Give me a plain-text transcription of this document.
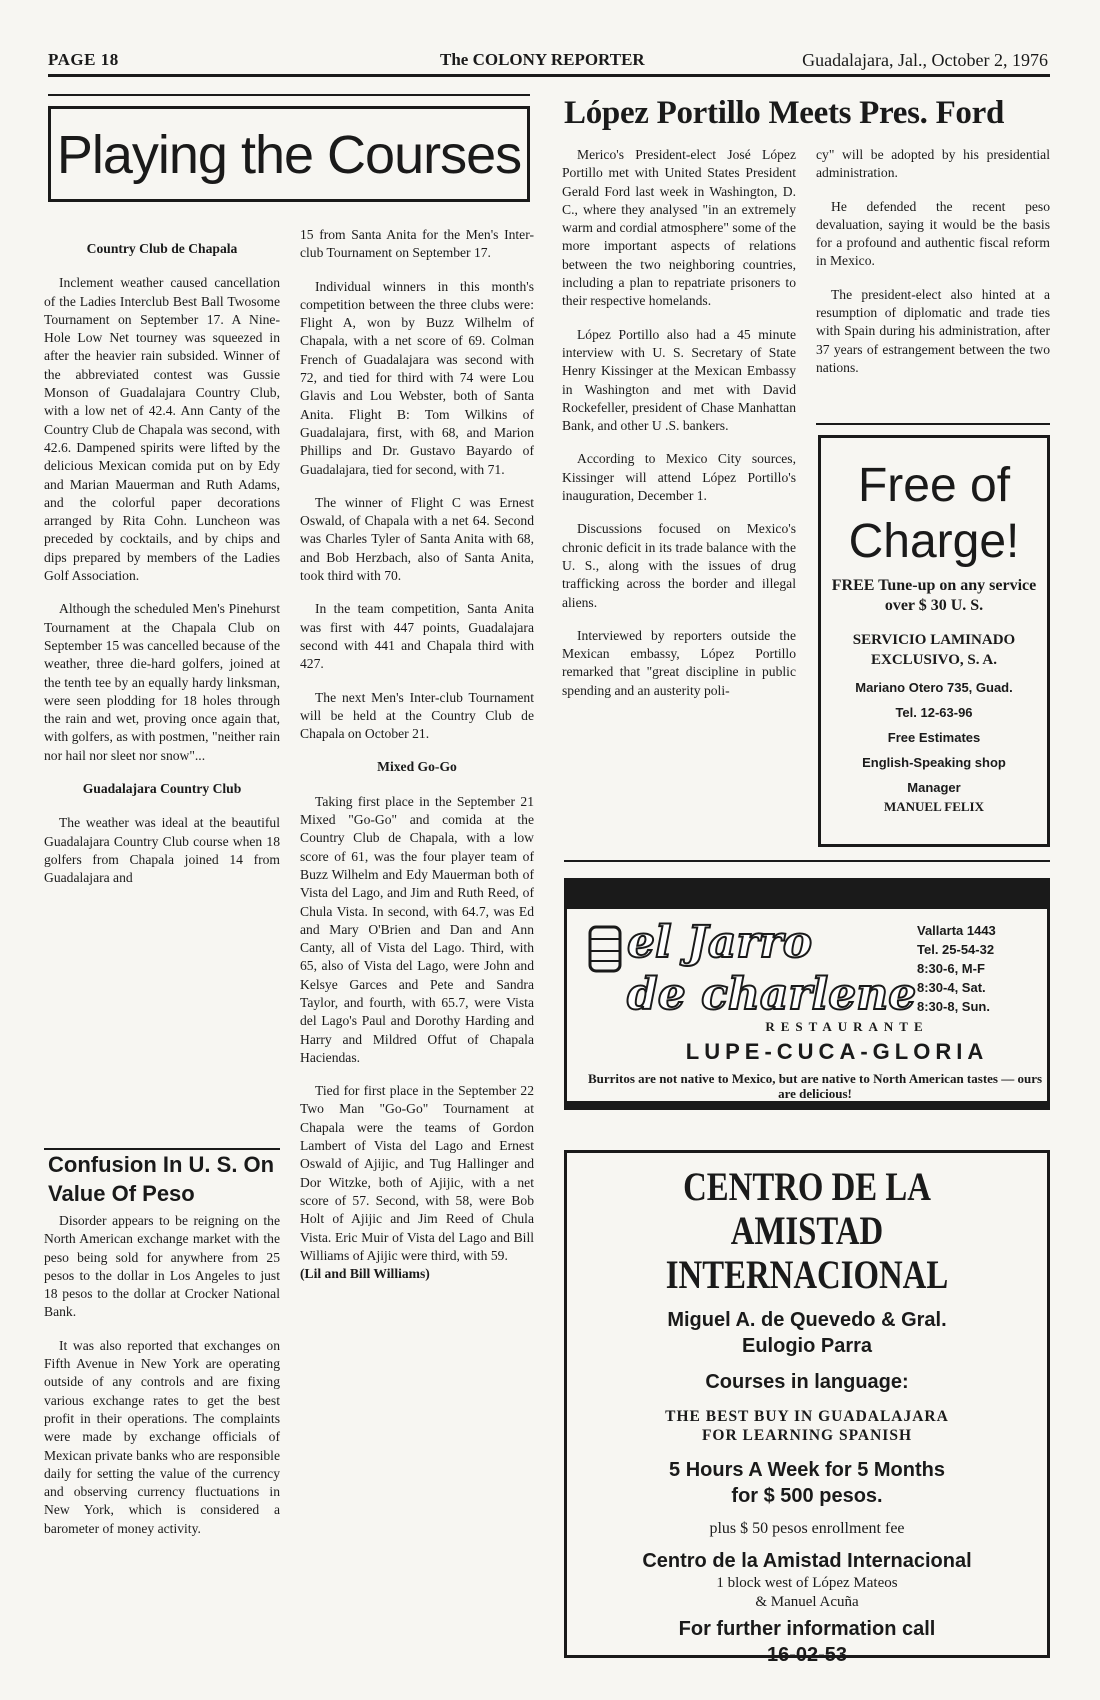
PAGE 18	The COLONY REPORTER	Guadalajara, Jal., October 2, 1976
Playing the Courses
Country Club de Chapala

Inclement weather caused cancellation of the Ladies Interclub Best Ball Twosome Tournament on September 17. A Nine-Hole Low Net tourney was squeezed in after the heavier rain subsided. Winner of the abbreviated contest was Gussie Monson of Guadalajara Country Club, with a low net of 42.4. Ann Canty of the Country Club de Chapala was second, with 42.6. Dampened spirits were lifted by the delicious Mexican comida put on by Edy and Marian Mauerman and Ruth Adams, and the colorful paper decorations arranged by Rita Cohn. Luncheon was preceded by cocktails, and by chips and dips prepared by members of the Ladies Golf Association.

Although the scheduled Men's Pinehurst Tournament at the Chapala Club on September 15 was cancelled because of the weather, three die-hard golfers, joined at the tenth tee by an equally hardy linksman, were seen plodding for 18 holes through the rain and wet, proving once again that, with golfers, as with postmen, "neither rain nor hail nor sleet nor snow"...

Guadalajara Country Club

The weather was ideal at the beautiful Guadalajara Country Club course when 18 golfers from Chapala joined 14 from Guadalajara and

15 from Santa Anita for the Men's Inter-club Tournament on September 17.

Individual winners in this month's competition between the three clubs were: Flight A, won by Buzz Wilhelm of Chapala, with a net score of 69. Colman French of Guadalajara was second with 72, and tied for third with 74 were Lou Glavis and Lou Webster, both of Santa Anita. Flight B: Tom Wilkins of Guadalajara, first, with 68, and Marion Phillips and Dr. Gustavo Bayardo of Guadalajara, tied for second, with 71.

The winner of Flight C was Ernest Oswald, of Chapala with a net 64. Second was Charles Tyler of Santa Anita with 68, and Bob Herzbach, also of Santa Anita, took third with 70.

In the team competition, Santa Anita was first with 447 points, Guadalajara second with 441 and Chapala third with 427.

The next Men's Inter-club Tournament will be held at the Country Club de Chapala on October 21.

Mixed Go-Go

Taking first place in the September 21 Mixed "Go-Go" and comida at the Country Club de Chapala, with a low score of 61, was the four player team of Buzz Wilhelm and Edy Mauerman both of Vista del Lago, and Jim and Ruth Reed, of Chula Vista. In second, with 64.7, was Ed and Mary O'Brien and Dan and Ann Canty, all of Vista del Lago. Third, with 65, also of Vista del Lago, were John and Kelsye Garces and Pete and Sandra Taylor, and fourth, with 65.7, were Vista del Lago's Paul and Dorothy Harding and Harry and Mildred Offut of Chapala Haciendas.

Tied for first place in the September 22 Two Man "Go-Go" Tournament at Chapala were the teams of Gordon Lambert of Vista del Lago and Ernest Oswald of Ajijic, and Tug Hallinger and Dor Witzke, both of Ajijic, with a net score of 57. Second, with 58, were Bob Holt of Ajijic and Jim Reed of Chula Vista. Eric Muir of Vista del Lago and Bill Williams of Ajijic were third, with 59.

(Lil and Bill Williams)

Confusion In U. S. On Value Of Peso

Disorder appears to be reigning on the North American exchange market with the peso being sold for anywhere from 25 pesos to the dollar in Los Angeles to just 18 pesos to the dollar at Crocker National Bank.

It was also reported that exchanges on Fifth Avenue in New York are operating outside of any controls and are fixing various exchange rates to get the best profit in their operations. The complaints were made by exchange officials of Mexican private banks who are responsible daily for setting the value of the currency and observing currency fluctuations in New York, which is considered a barometer of money activity.

López Portillo Meets Pres. Ford

Merico's President-elect José López Portillo met with United States President Gerald Ford last week in Washington, D. C., where they analysed "in an extremely warm and cordial atmosphere" some of the more important aspects of relations between the two neighboring countries, including a plan to repatriate prisoners to their respective homelands.

López Portillo also had a 45 minute interview with U. S. Secretary of State Henry Kissinger at the Mexican Embassy in Washington and met with David Rockefeller, president of Chase Manhattan Bank, and other U .S. bankers.

According to Mexico City sources, Kissinger will attend López Portillo's inauguration, December 1.

Discussions focused on Mexico's chronic deficit in its trade balance with the U. S., along with the issues of drug trafficking across the border and illegal aliens.

Interviewed by reporters outside the Mexican embassy, López Portillo remarked that "great discipline in public spending and an austerity poli-

cy" will be adopted by his presidential administration.

He defended the recent peso devaluation, saying it would be the basis for a profound and authentic fiscal reform in Mexico.

The president-elect also hinted at a resumption of diplomatic and trade ties with Spain during his administration, after 37 years of estrangement between the two nations.

Free of
Charge!
FREE Tune-up on any service over $ 30 U. S.
SERVICIO LAMINADO EXCLUSIVO, S. A.
Mariano Otero 735, Guad.
Tel. 12-63-96
Free Estimates
English-Speaking shop
Manager
MANUEL FELIX
el Jarro
de charlene
Vallarta 1443
Tel. 25-54-32
8:30-6, M-F
8:30-4, Sat.
8:30-8, Sun.
RESTAURANTE
LUPE-CUCA-GLORIA
Burritos are not native to Mexico, but are native to North American tastes — ours are delicious!
CENTRO DE LA AMISTAD
INTERNACIONAL
Miguel A. de Quevedo & Gral.
Eulogio Parra
Courses in language:
THE BEST BUY IN GUADALAJARA
FOR LEARNING SPANISH
5 Hours A Week for 5 Months
for $ 500 pesos.
plus $ 50 pesos enrollment fee
Centro de la Amistad Internacional
1 block west of López Mateos
& Manuel Acuña
For further information call
16-02-53
